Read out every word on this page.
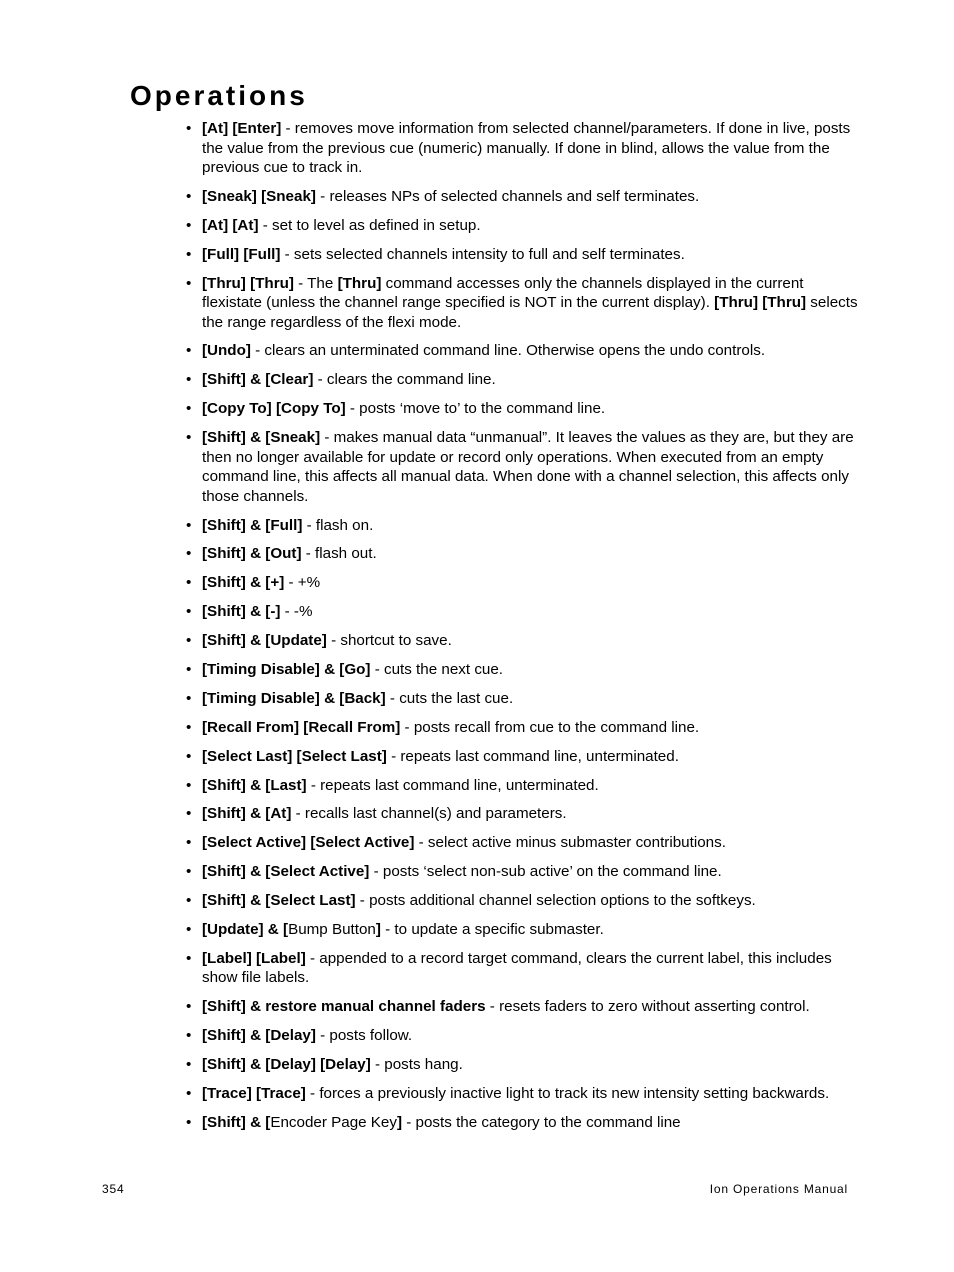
Operations
• [At] [Enter] - removes move information from selected channel/parameters. If done in live, posts the value from the previous cue (numeric) manually. If done in blind, allows the value from the previous cue to track in.
• [Sneak] [Sneak] - releases NPs of selected channels and self terminates.
• [At] [At] - set to level as defined in setup.
• [Full] [Full] - sets selected channels intensity to full and self terminates.
• [Thru] [Thru] - The [Thru] command accesses only the channels displayed in the current flexistate (unless the channel range specified is NOT in the current display). [Thru] [Thru] selects the range regardless of the flexi mode.
• [Undo] - clears an unterminated command line. Otherwise opens the undo controls.
• [Shift] & [Clear] - clears the command line.
• [Copy To] [Copy To] - posts ‘move to’ to the command line.
• [Shift] & [Sneak] - makes manual data “unmanual”. It leaves the values as they are, but they are then no longer available for update or record only operations. When executed from an empty command line, this affects all manual data. When done with a channel selection, this affects only those channels.
• [Shift] & [Full] - flash on.
• [Shift] & [Out] - flash out.
• [Shift] & [+] - +%
• [Shift] & [-] - -%
• [Shift] & [Update] - shortcut to save.
• [Timing Disable] & [Go] - cuts the next cue.
• [Timing Disable] & [Back] - cuts the last cue.
• [Recall From] [Recall From] - posts recall from cue to the command line.
• [Select Last] [Select Last] - repeats last command line, unterminated.
• [Shift] & [Last] - repeats last command line, unterminated.
• [Shift] & [At] - recalls last channel(s) and parameters.
• [Select Active] [Select Active] - select active minus submaster contributions.
• [Shift] & [Select Active] - posts ‘select non-sub active’ on the command line.
• [Shift] & [Select Last] - posts additional channel selection options to the softkeys.
• [Update] & [Bump Button] - to update a specific submaster.
• [Label] [Label] - appended to a record target command, clears the current label, this includes show file labels.
• [Shift] & restore manual channel faders - resets faders to zero without asserting control.
• [Shift] & [Delay] - posts follow.
• [Shift] & [Delay] [Delay] - posts hang.
• [Trace] [Trace] - forces a previously inactive light to track its new intensity setting backwards.
• [Shift] & [Encoder Page Key] - posts the category to the command line
354	Ion Operations Manual
